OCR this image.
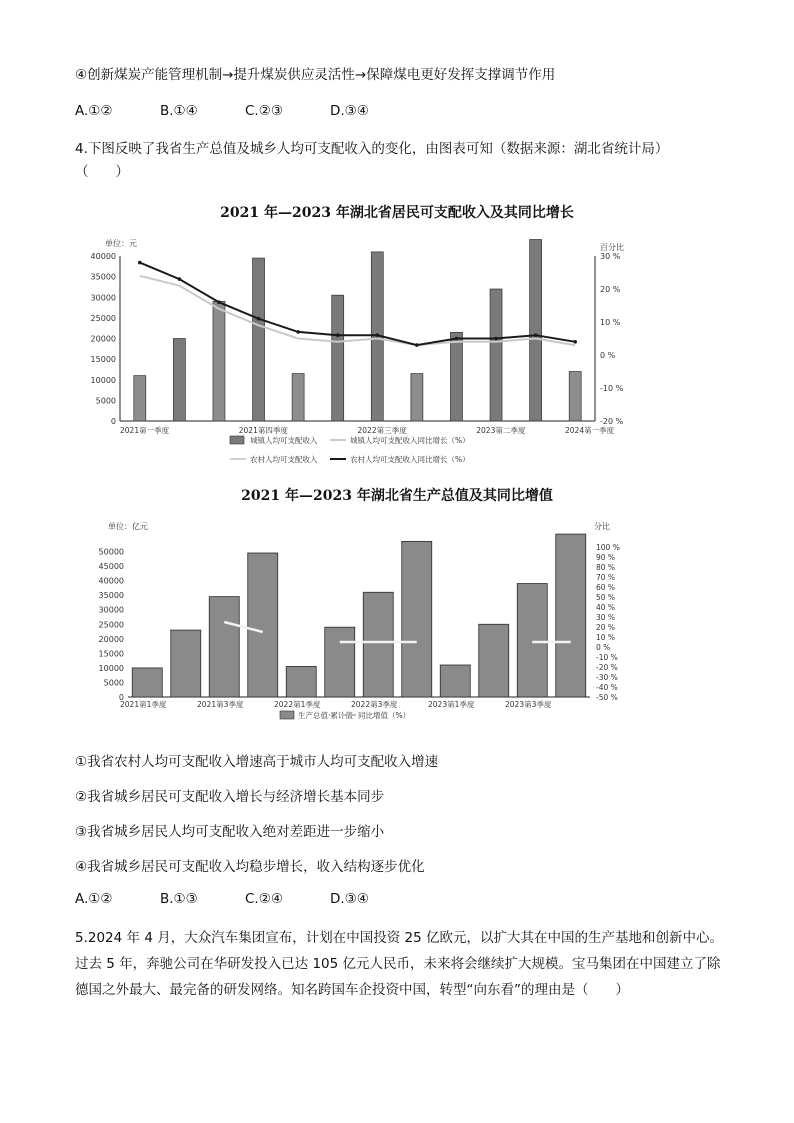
④创新煤炭产能管理机制→提升煤炭供应灵活性→保障煤电更好发挥支撑调节作用
A.①②	B.①④	C.②③	D.③④
4.下图反映了我省生产总值及城乡人均可支配收入的变化，由图表可知（数据来源：湖北省统计局）
（　　）
2021 年—2023 年湖北省居民可支配收入及其同比增长
单位：元	百分比
40000
35000
30000
25000
20000
15000
10000
5000
0
30 %
20 %
10 %
0 %
-10 %
-20 %
2021第一季度	2021第四季度	2022第三季度	2023第二季度	2024第一季度
城镇人均可支配收入	城镇人均可支配收入同比增长（%）
农村人均可支配收入	农村人均可支配收入同比增长（%）
2021 年—2023 年湖北省生产总值及其同比增值
单位：亿元	分比
50000
45000
40000
35000
30000
25000
20000
15000
10000
5000
0
100 %
90 %
80 %
70 %
60 %
50 %
40 %
30 %
20 %
10 %
0 %
-10 %
-20 %
-30 %
-40 %
-50 %
2021第1季度	2021第3季度	2022第1季度	2022第3季度	2023第1季度	2023第3季度
生产总值·累计值 同比增值（%）
①我省农村人均可支配收入增速高于城市人均可支配收入增速
②我省城乡居民可支配收入增长与经济增长基本同步
③我省城乡居民人均可支配收入绝对差距进一步缩小
④我省城乡居民可支配收入均稳步增长，收入结构逐步优化
A.①②	B.①③	C.②④	D.③④
5.2024 年 4 月，大众汽车集团宣布，计划在中国投资 25 亿欧元，以扩大其在中国的生产基地和创新中心。过去 5 年，奔驰公司在华研发投入已达 105 亿元人民币，未来将会继续扩大规模。宝马集团在中国建立了除德国之外最大、最完备的研发网络。知名跨国车企投资中国，转型“向东看”的理由是（　　）
